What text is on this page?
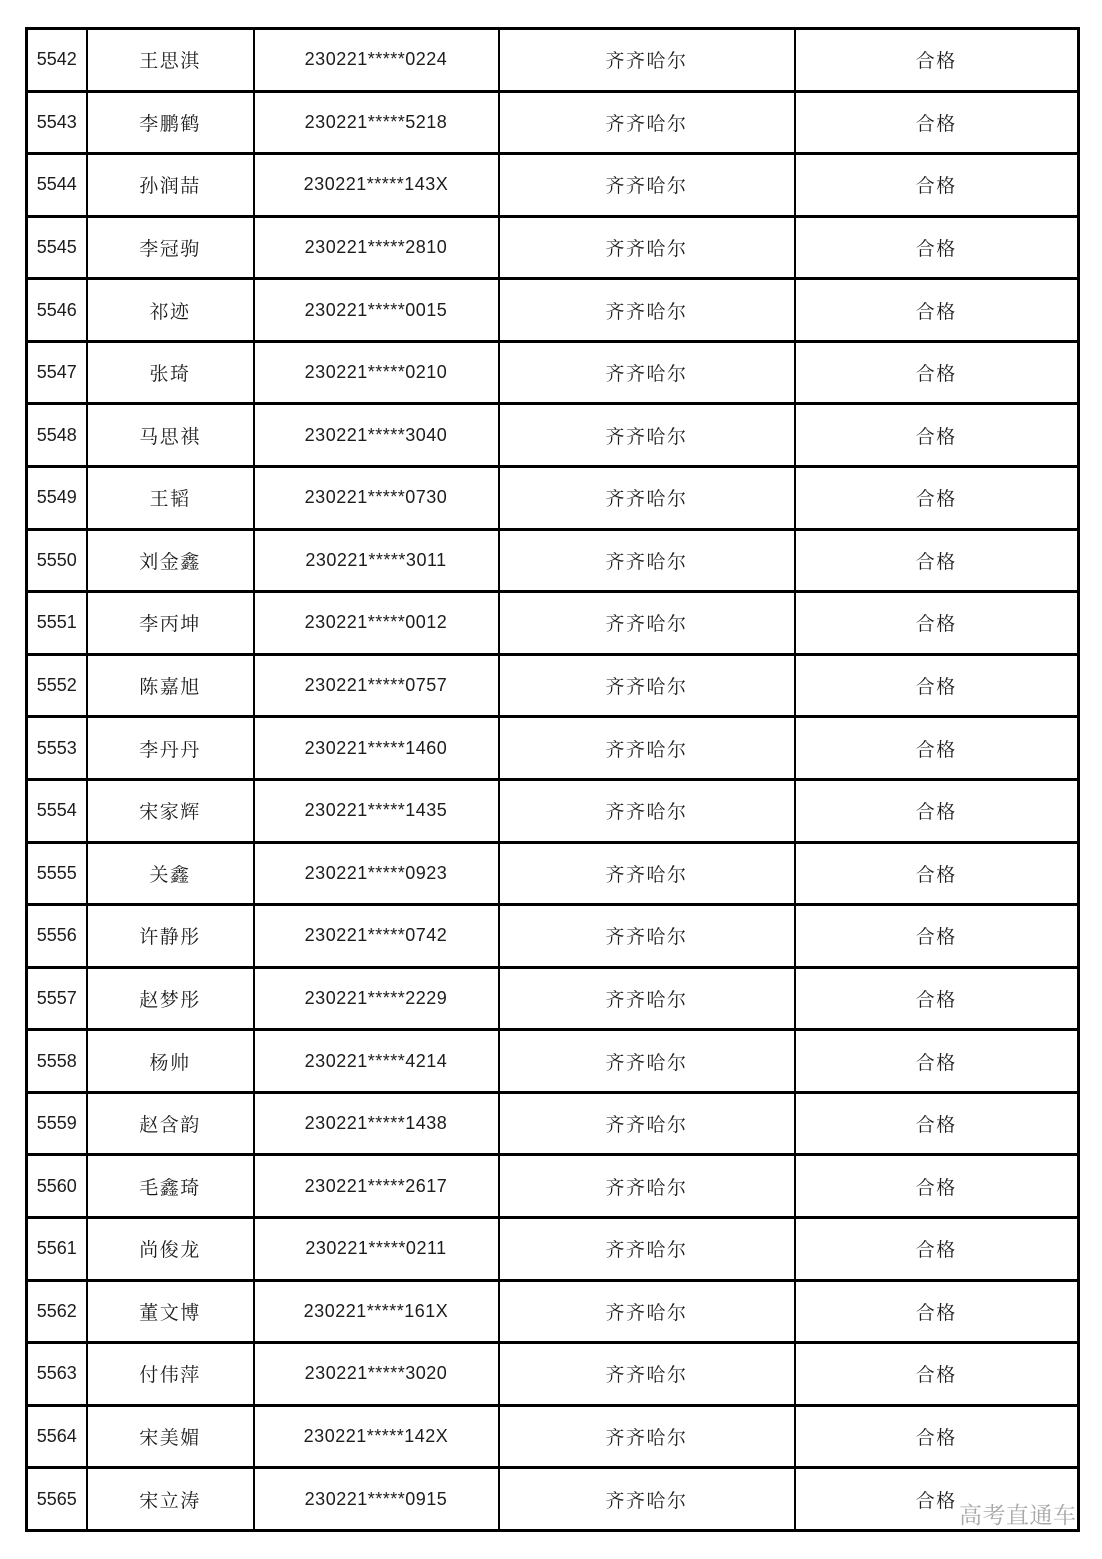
5542	王思淇	230221*****0224	齐齐哈尔	合格
5543	李鹏鹤	230221*****5218	齐齐哈尔	合格
5544	孙润喆	230221*****143X	齐齐哈尔	合格
5545	李冠驹	230221*****2810	齐齐哈尔	合格
5546	祁迹	230221*****0015	齐齐哈尔	合格
5547	张琦	230221*****0210	齐齐哈尔	合格
5548	马思祺	230221*****3040	齐齐哈尔	合格
5549	王韬	230221*****0730	齐齐哈尔	合格
5550	刘金鑫	230221*****3011	齐齐哈尔	合格
5551	李丙坤	230221*****0012	齐齐哈尔	合格
5552	陈嘉旭	230221*****0757	齐齐哈尔	合格
5553	李丹丹	230221*****1460	齐齐哈尔	合格
5554	宋家辉	230221*****1435	齐齐哈尔	合格
5555	关鑫	230221*****0923	齐齐哈尔	合格
5556	许静彤	230221*****0742	齐齐哈尔	合格
5557	赵梦彤	230221*****2229	齐齐哈尔	合格
5558	杨帅	230221*****4214	齐齐哈尔	合格
5559	赵含韵	230221*****1438	齐齐哈尔	合格
5560	毛鑫琦	230221*****2617	齐齐哈尔	合格
5561	尚俊龙	230221*****0211	齐齐哈尔	合格
5562	董文博	230221*****161X	齐齐哈尔	合格
5563	付伟萍	230221*****3020	齐齐哈尔	合格
5564	宋美媚	230221*****142X	齐齐哈尔	合格
5565	宋立涛	230221*****0915	齐齐哈尔	合格
高考直通车
